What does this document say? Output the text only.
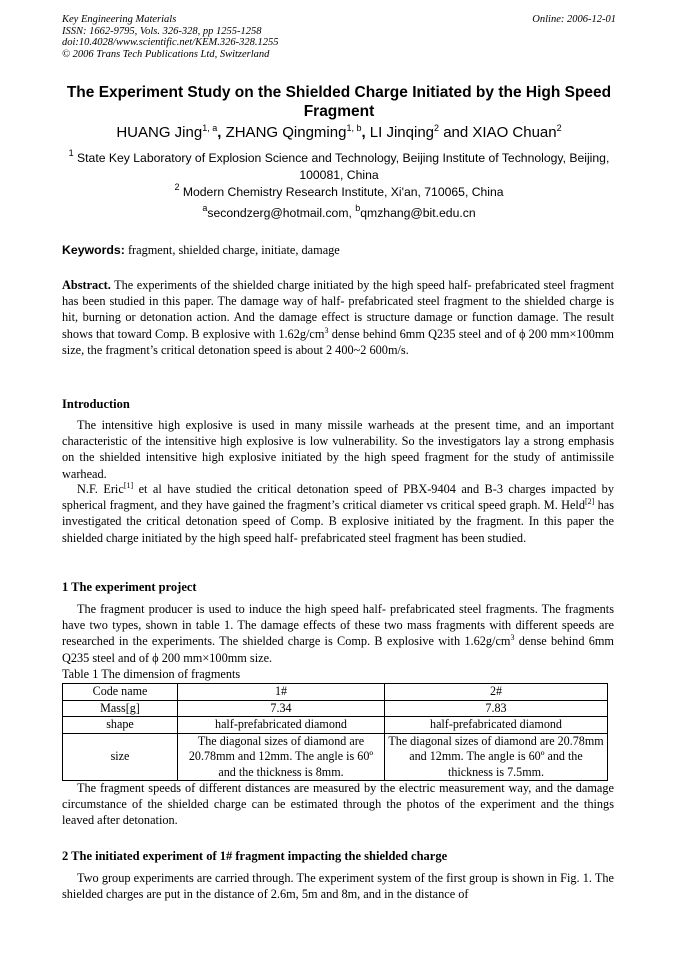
Key Engineering Materials
ISSN: 1662-9795, Vols. 326-328, pp 1255-1258
doi:10.4028/www.scientific.net/KEM.326-328.1255
© 2006 Trans Tech Publications Ltd, Switzerland
Online: 2006-12-01
The Experiment Study on the Shielded Charge Initiated by the High Speed Fragment
HUANG Jing$^{1, a}$, ZHANG Qingming$^{1, b}$, LI Jinqing$^2$ and XIAO Chuan$^2$
$^1$ State Key Laboratory of Explosion Science and Technology, Beijing Institute of Technology, Beijing, 100081, China
$^2$ Modern Chemistry Research Institute, Xi'an, 710065, China
$^a$secondzerg@hotmail.com, $^b$qmzhang@bit.edu.cn
Keywords: fragment, shielded charge, initiate, damage

Abstract. The experiments of the shielded charge initiated by the high speed half- prefabricated steel fragment has been studied in this paper. The damage way of half- prefabricated steel fragment to the shielded charge is hit, burning or detonation action. And the damage effect is structure damage or function damage. The result shows that toward Comp. B explosive with $1.62g/cm^3$ dense behind 6mm Q235 steel and of ϕ 200 mm×100mm size, the fragment’s critical detonation speed is about 2 400~2 600m/s.

Introduction

The intensitive high explosive is used in many missile warheads at the present time, and an important characteristic of the intensitive high explosive is low vulnerability. So the investigators lay a strong emphasis on the shielded intensitive high explosive initiated by the high speed fragment for the study of antimissile warhead.

N.F. Eric[1] et al have studied the critical detonation speed of PBX-9404 and B-3 charges impacted by spherical fragment, and they have gained the fragment’s critical diameter vs critical speed graph. M. Held[2] has investigated the critical detonation speed of Comp. B explosive initiated by the fragment. In this paper the shielded charge initiated by the high speed half- prefabricated steel fragment has been studied.

1 The experiment project

The fragment producer is used to induce the high speed half- prefabricated steel fragments. The fragments have two types, shown in table 1. The damage effects of these two mass fragments with different speeds are researched in the experiments. The shielded charge is Comp. B explosive with $1.62g/cm^3$ dense behind 6mm Q235 steel and of ϕ 200 mm×100mm size.

Table 1 The dimension of fragments
Code name	1#	2#
Mass[g]	7.34	7.83
shape	half-prefabricated diamond	half-prefabricated diamond
size	The diagonal sizes of diamond are 20.78mm and 12mm. The angle is 60º and the thickness is 8mm.	The diagonal sizes of diamond are 20.78mm and 12mm. The angle is 60º and the thickness is 7.5mm.

The fragment speeds of different distances are measured by the electric measurement way, and the damage circumstance of the shielded charge can be estimated through the photos of the experiment and the things leaved after detonation.

2 The initiated experiment of 1# fragment impacting the shielded charge

Two group experiments are carried through. The experiment system of the first group is shown in Fig. 1. The shielded charges are put in the distance of 2.6m, 5m and 8m, and in the distance of
